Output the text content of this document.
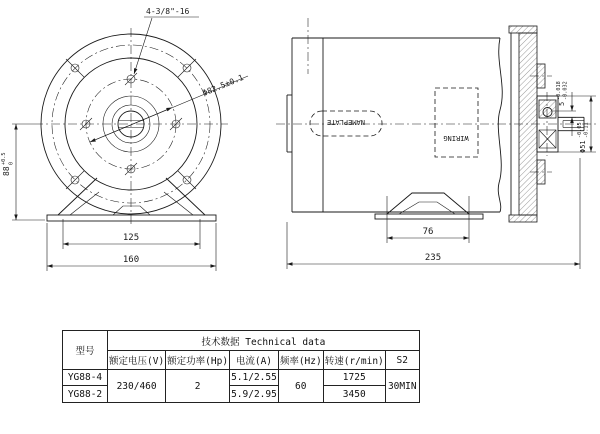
4-3/8"-16
Φ82.5±0.1
88
+0.5 0
125
160
NAMEPLATE
WIRING
5
-0.018 -0.032
Φ51
-0.05 -0.11
76
235
型号	技术数据 Technical data					
	额定电压(V)	额定功率(Hp)	电流(A)	频率(Hz)	转速(r/min)	S2
YG88-4	230/460	2	5.1/2.55	60	1725	30MIN
YG88-2			5.9/2.95		3450	
